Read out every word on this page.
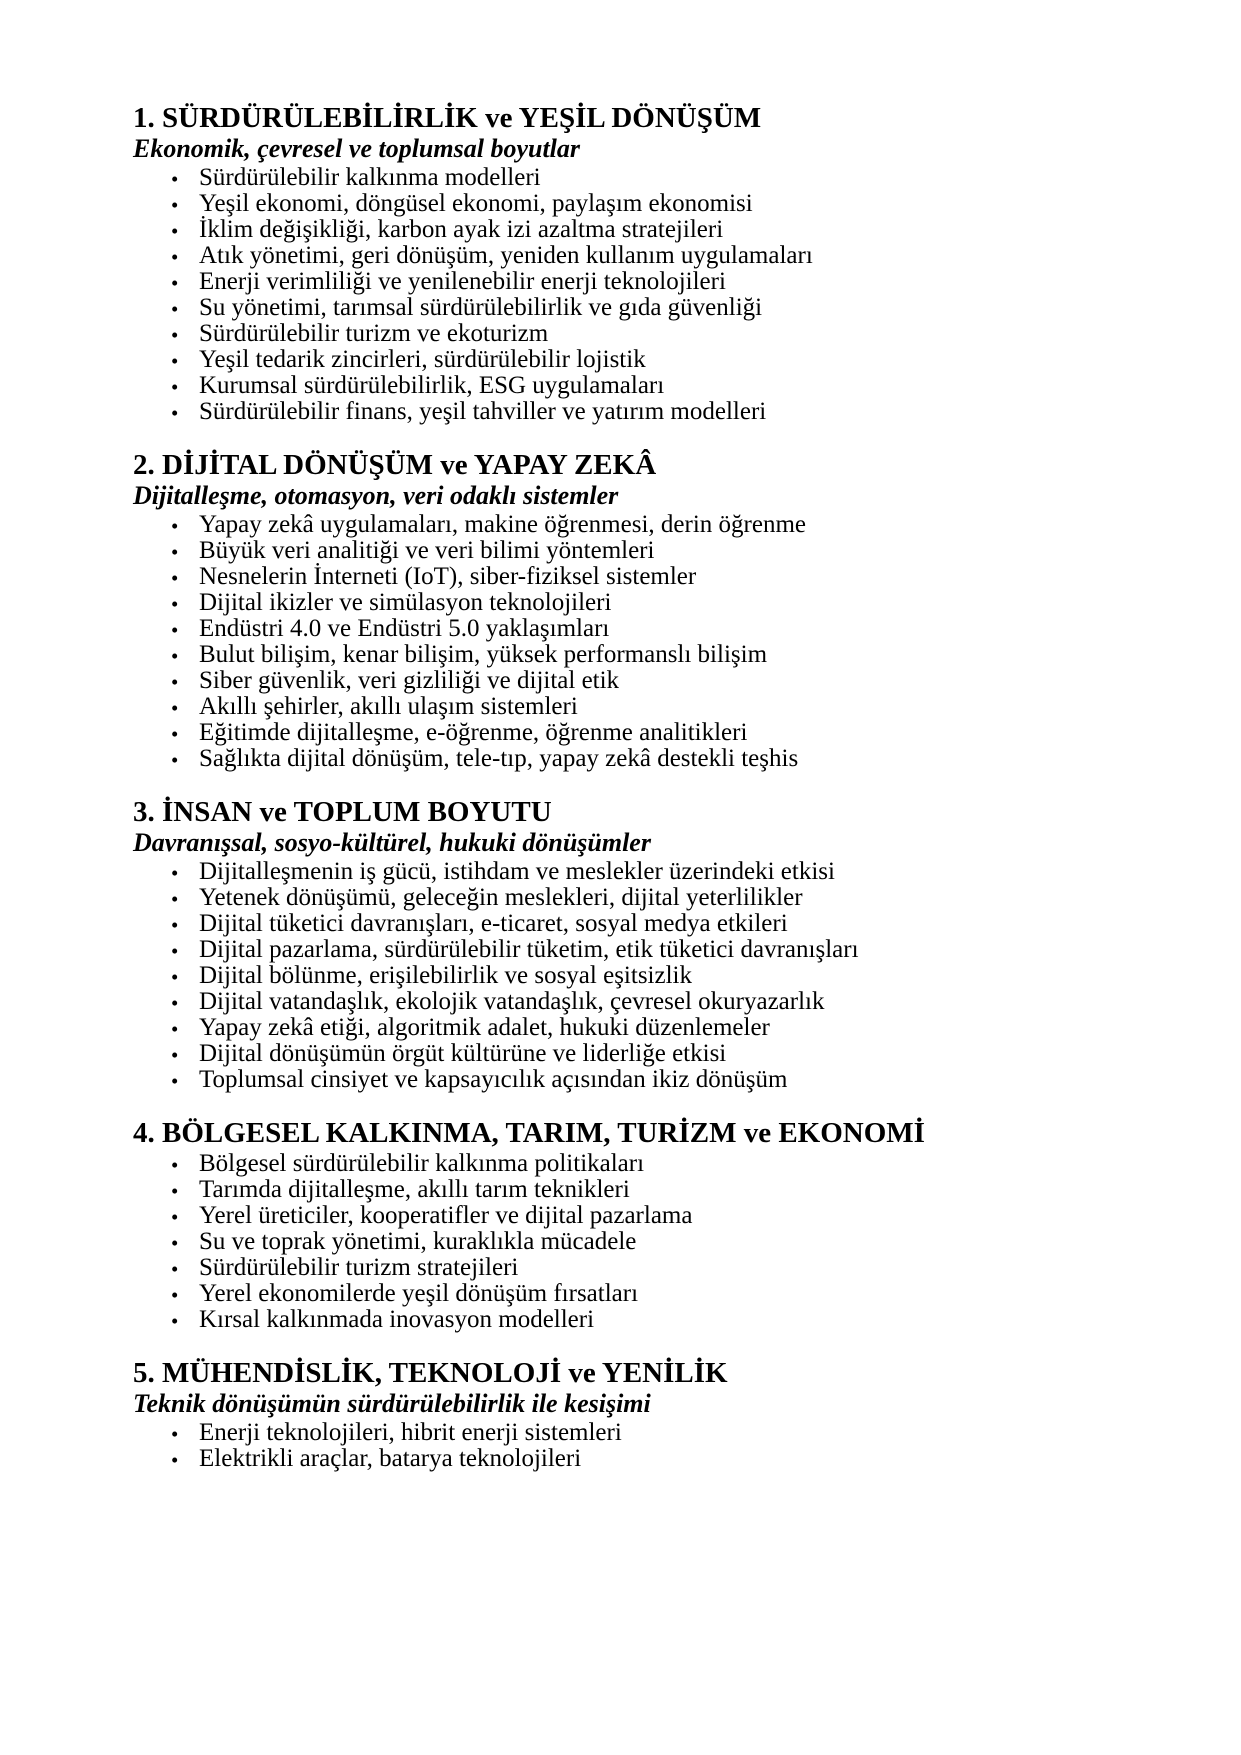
1. SÜRDÜRÜLEBİLİRLİK ve YEŞİL DÖNÜŞÜM

Ekonomik, çevresel ve toplumsal boyutlar

• Sürdürülebilir kalkınma modelleri
• Yeşil ekonomi, döngüsel ekonomi, paylaşım ekonomisi
• İklim değişikliği, karbon ayak izi azaltma stratejileri
• Atık yönetimi, geri dönüşüm, yeniden kullanım uygulamaları
• Enerji verimliliği ve yenilenebilir enerji teknolojileri
• Su yönetimi, tarımsal sürdürülebilirlik ve gıda güvenliği
• Sürdürülebilir turizm ve ekoturizm
• Yeşil tedarik zincirleri, sürdürülebilir lojistik
• Kurumsal sürdürülebilirlik, ESG uygulamaları
• Sürdürülebilir finans, yeşil tahviller ve yatırım modelleri
2. DİJİTAL DÖNÜŞÜM ve YAPAY ZEKÂ

Dijitalleşme, otomasyon, veri odaklı sistemler

• Yapay zekâ uygulamaları, makine öğrenmesi, derin öğrenme
• Büyük veri analitiği ve veri bilimi yöntemleri
• Nesnelerin İnterneti (IoT), siber-fiziksel sistemler
• Dijital ikizler ve simülasyon teknolojileri
• Endüstri 4.0 ve Endüstri 5.0 yaklaşımları
• Bulut bilişim, kenar bilişim, yüksek performanslı bilişim
• Siber güvenlik, veri gizliliği ve dijital etik
• Akıllı şehirler, akıllı ulaşım sistemleri
• Eğitimde dijitalleşme, e-öğrenme, öğrenme analitikleri
• Sağlıkta dijital dönüşüm, tele-tıp, yapay zekâ destekli teşhis
3. İNSAN ve TOPLUM BOYUTU

Davranışsal, sosyo-kültürel, hukuki dönüşümler

• Dijitalleşmenin iş gücü, istihdam ve meslekler üzerindeki etkisi
• Yetenek dönüşümü, geleceğin meslekleri, dijital yeterlilikler
• Dijital tüketici davranışları, e-ticaret, sosyal medya etkileri
• Dijital pazarlama, sürdürülebilir tüketim, etik tüketici davranışları
• Dijital bölünme, erişilebilirlik ve sosyal eşitsizlik
• Dijital vatandaşlık, ekolojik vatandaşlık, çevresel okuryazarlık
• Yapay zekâ etiği, algoritmik adalet, hukuki düzenlemeler
• Dijital dönüşümün örgüt kültürüne ve liderliğe etkisi
• Toplumsal cinsiyet ve kapsayıcılık açısından ikiz dönüşüm
4. BÖLGESEL KALKINMA, TARIM, TURİZM ve EKONOMİ
• Bölgesel sürdürülebilir kalkınma politikaları
• Tarımda dijitalleşme, akıllı tarım teknikleri
• Yerel üreticiler, kooperatifler ve dijital pazarlama
• Su ve toprak yönetimi, kuraklıkla mücadele
• Sürdürülebilir turizm stratejileri
• Yerel ekonomilerde yeşil dönüşüm fırsatları
• Kırsal kalkınmada inovasyon modelleri
5. MÜHENDİSLİK, TEKNOLOJİ ve YENİLİK

Teknik dönüşümün sürdürülebilirlik ile kesişimi

• Enerji teknolojileri, hibrit enerji sistemleri
• Elektrikli araçlar, batarya teknolojileri
